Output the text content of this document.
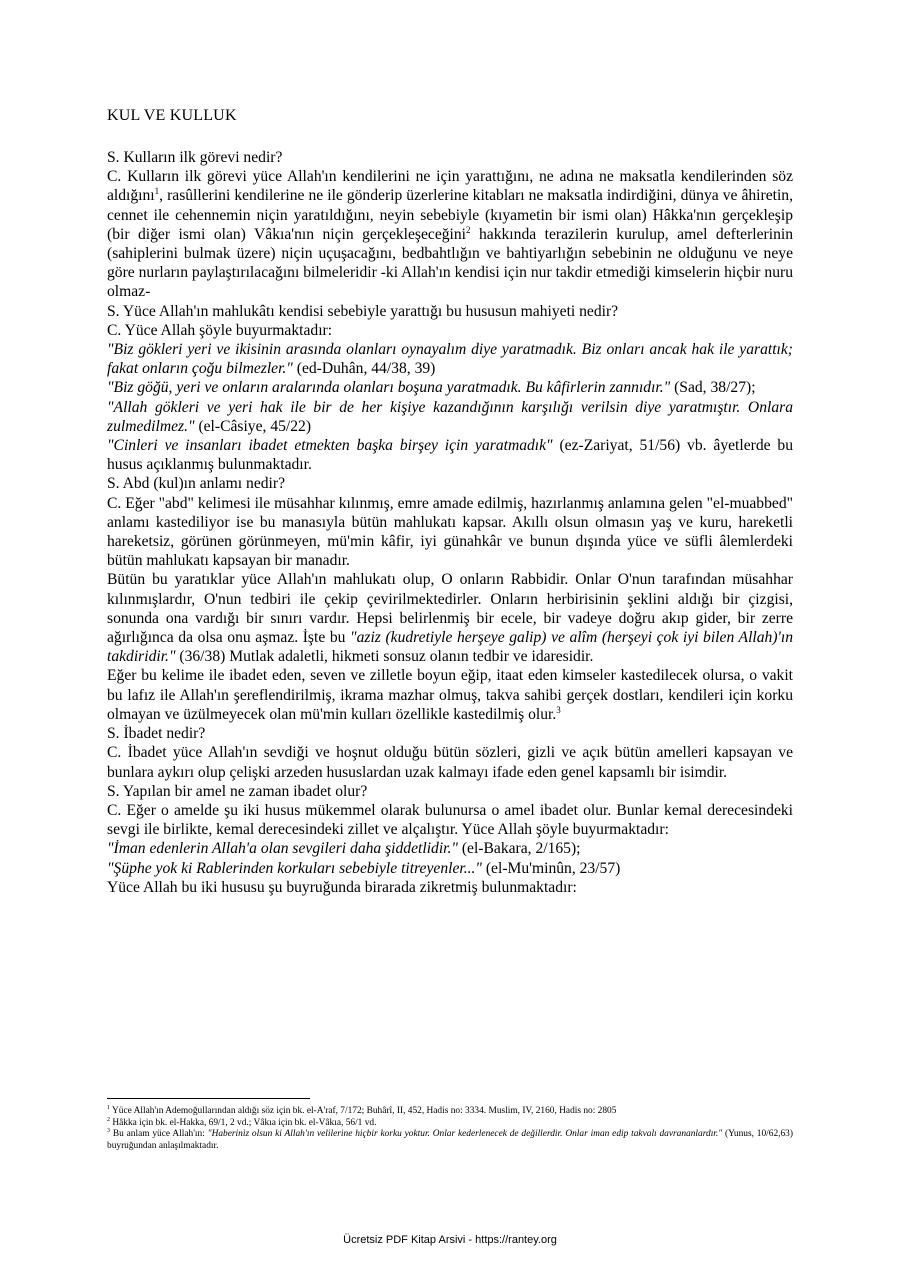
KUL VE KULLUK

S. Kulların ilk görevi nedir?

C. Kulların ilk görevi yüce Allah'ın kendilerini ne için yarattığını, ne adına ne maksatla kendilerinden söz aldığını$^1$, rasûllerini kendilerine ne ile gönderip üzerlerine kitabları ne maksatla indirdiğini, dünya ve âhiretin, cennet ile cehennemin niçin yaratıldığını, neyin sebebiyle (kıyametin bir ismi olan) Hâkka'nın gerçekleşip (bir diğer ismi olan) Vâkıa'nın niçin gerçekleşeceğini$^2$ hakkında terazilerin kurulup, amel defterlerinin (sahiplerini bulmak üzere) niçin uçuşacağını, bedbahtlığın ve bahtiyarlığın sebebinin ne olduğunu ve neye göre nurların paylaştırılacağını bilmeleridir -ki Allah'ın kendisi için nur takdir etmediği kimselerin hiçbir nuru olmaz-

S. Yüce Allah'ın mahlukâtı kendisi sebebiyle yarattığı bu hususun mahiyeti nedir?

C. Yüce Allah şöyle buyurmaktadır:

"Biz gökleri yeri ve ikisinin arasında olanları oynayalım diye yaratmadık. Biz onları ancak hak ile yarattık; fakat onların çoğu bilmezler." (ed-Duhân, 44/38, 39)

"Biz göğü, yeri ve onların aralarında olanları boşuna yaratmadık. Bu kâfirlerin zannıdır." (Sad, 38/27);

"Allah gökleri ve yeri hak ile bir de her kişiye kazandığının karşılığı verilsin diye yaratmıştır. Onlara zulmedilmez." (el-Câsiye, 45/22)

"Cinleri ve insanları ibadet etmekten başka birşey için yaratmadık" (ez-Zariyat, 51/56) vb. âyetlerde bu husus açıklanmış bulunmaktadır.

S. Abd (kul)ın anlamı nedir?

C. Eğer "abd" kelimesi ile müsahhar kılınmış, emre amade edilmiş, hazırlanmış anlamına gelen "el-muabbed" anlamı kastediliyor ise bu manasıyla bütün mahlukatı kapsar. Akıllı olsun olmasın yaş ve kuru, hareketli hareketsiz, görünen görünmeyen, mü'min kâfir, iyi günahkâr ve bunun dışında yüce ve süfli âlemlerdeki bütün mahlukatı kapsayan bir manadır.

Bütün bu yaratıklar yüce Allah'ın mahlukatı olup, O onların Rabbidir. Onlar O'nun tarafından müsahhar kılınmışlardır, O'nun tedbiri ile çekip çevirilmektedirler. Onların herbirisinin şeklini aldığı bir çizgisi, sonunda ona vardığı bir sınırı vardır. Hepsi belirlenmiş bir ecele, bir vadeye doğru akıp gider, bir zerre ağırlığınca da olsa onu aşmaz. İşte bu "aziz (kudretiyle herşeye galip) ve alîm (herşeyi çok iyi bilen Allah)'ın takdiridir." (36/38) Mutlak adaletli, hikmeti sonsuz olanın tedbir ve idaresidir.

Eğer bu kelime ile ibadet eden, seven ve zilletle boyun eğip, itaat eden kimseler kastedilecek olursa, o vakit bu lafız ile Allah'ın şereflendirilmiş, ikrama mazhar olmuş, takva sahibi gerçek dostları, kendileri için korku olmayan ve üzülmeyecek olan mü'min kulları özellikle kastedilmiş olur.$^3$

S. İbadet nedir?

C. İbadet yüce Allah'ın sevdiği ve hoşnut olduğu bütün sözleri, gizli ve açık bütün amelleri kapsayan ve bunlara aykırı olup çelişki arzeden hususlardan uzak kalmayı ifade eden genel kapsamlı bir isimdir.

S. Yapılan bir amel ne zaman ibadet olur?

C. Eğer o amelde şu iki husus mükemmel olarak bulunursa o amel ibadet olur. Bunlar kemal derecesindeki sevgi ile birlikte, kemal derecesindeki zillet ve alçalıştır. Yüce Allah şöyle buyurmaktadır:

"İman edenlerin Allah'a olan sevgileri daha şiddetlidir." (el-Bakara, 2/165);

"Şüphe yok ki Rablerinden korkuları sebebiyle titreyenler..." (el-Mu'minûn, 23/57)

Yüce Allah bu iki hususu şu buyruğunda birarada zikretmiş bulunmaktadır:

$^1$ Yüce Allah'ın Ademoğullarından aldığı söz için bk. el-A'raf, 7/172; Buhârî, II, 452, Hadis no: 3334. Muslim, IV, 2160, Hadis no: 2805

$^2$ Hâkka için bk. el-Hakka, 69/1, 2 vd.; Vâkıa için bk. el-Vâkıa, 56/1 vd.

$^3$ Bu anlam yüce Allah'ın: "Haberiniz olsun ki Allah'ın velilerine hiçbir korku yoktur. Onlar kederlenecek de değillerdir. Onlar iman edip takvalı davrananlardır." (Yunus, 10/62,63) buyruğundan anlaşılmaktadır.

Ücretsiz PDF Kitap Arsivi - https://rantey.org
